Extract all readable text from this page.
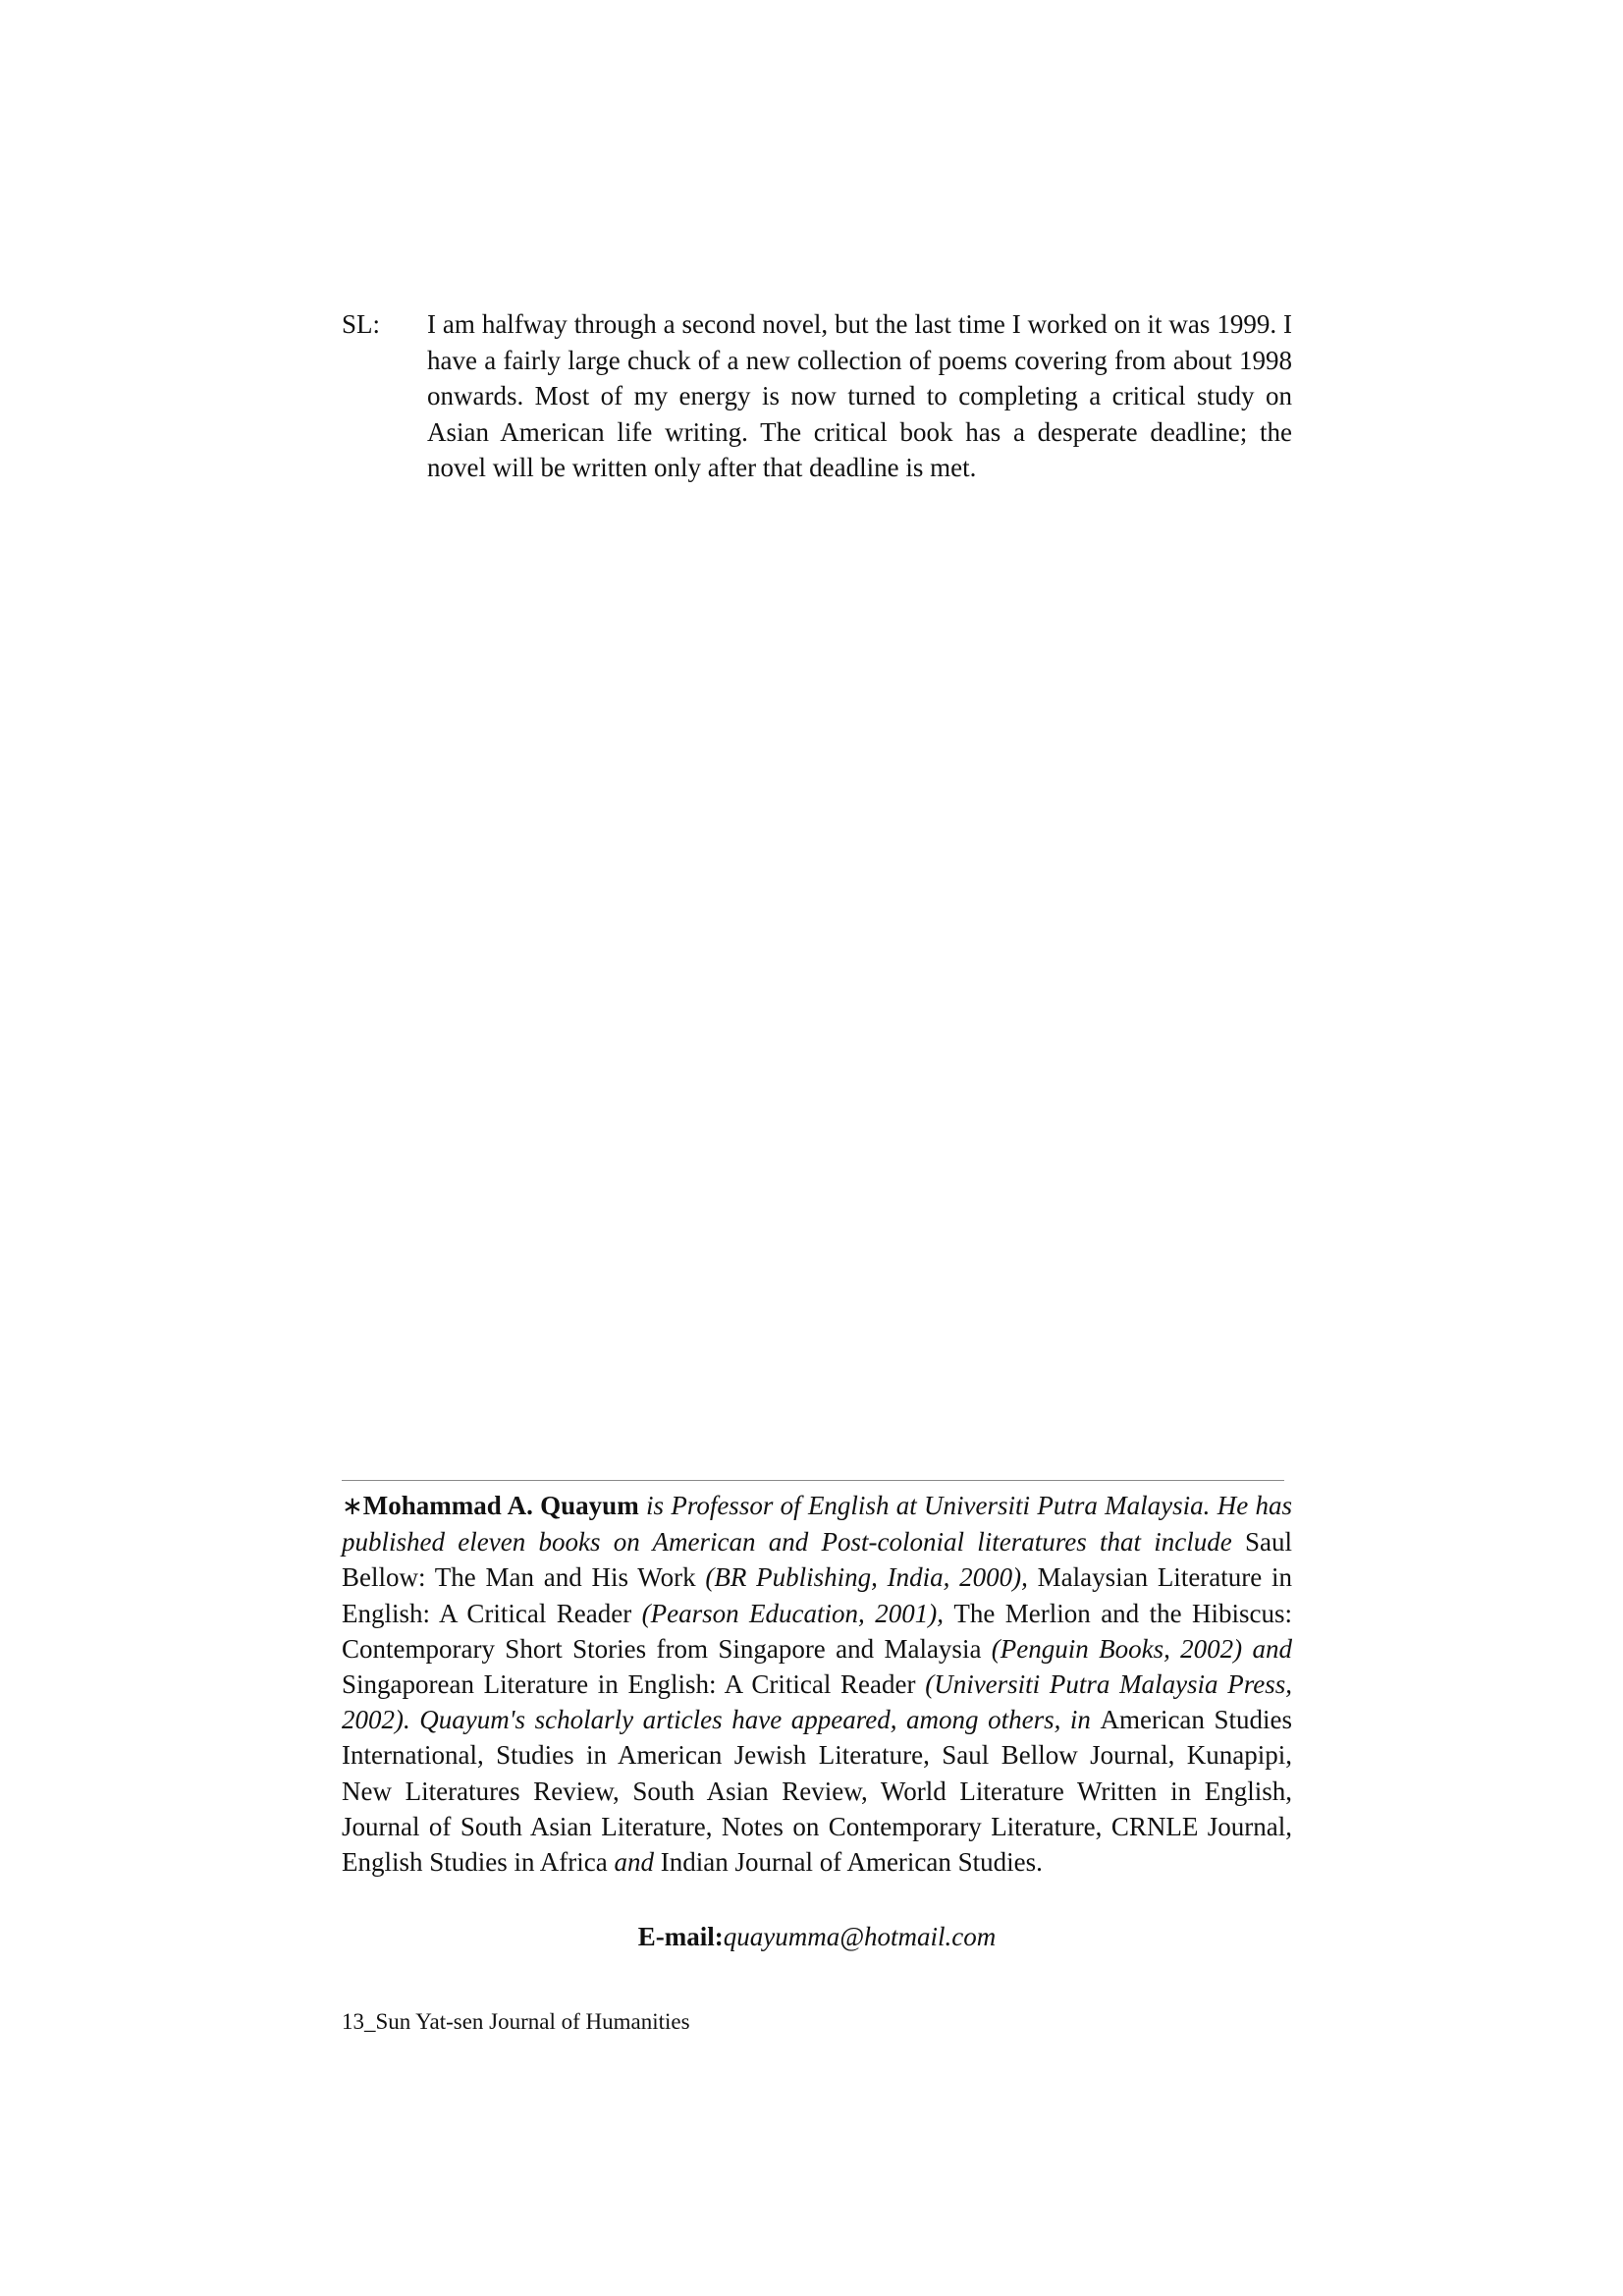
SL:	I am halfway through a second novel, but the last time I worked on it was 1999. I have a fairly large chuck of a new collection of poems covering from about 1998 onwards. Most of my energy is now turned to completing a critical study on Asian American life writing. The critical book has a desperate deadline; the novel will be written only after that deadline is met.
∗Mohammad A. Quayum is Professor of English at Universiti Putra Malaysia. He has published eleven books on American and Post-colonial literatures that include Saul Bellow: The Man and His Work (BR Publishing, India, 2000), Malaysian Literature in English: A Critical Reader (Pearson Education, 2001), The Merlion and the Hibiscus: Contemporary Short Stories from Singapore and Malaysia (Penguin Books, 2002) and Singaporean Literature in English: A Critical Reader (Universiti Putra Malaysia Press, 2002). Quayum's scholarly articles have appeared, among others, in American Studies International, Studies in American Jewish Literature, Saul Bellow Journal, Kunapipi, New Literatures Review, South Asian Review, World Literature Written in English, Journal of South Asian Literature, Notes on Contemporary Literature, CRNLE Journal, English Studies in Africa and Indian Journal of American Studies.
E-mail:quayumma@hotmail.com
13_Sun Yat-sen Journal of Humanities
